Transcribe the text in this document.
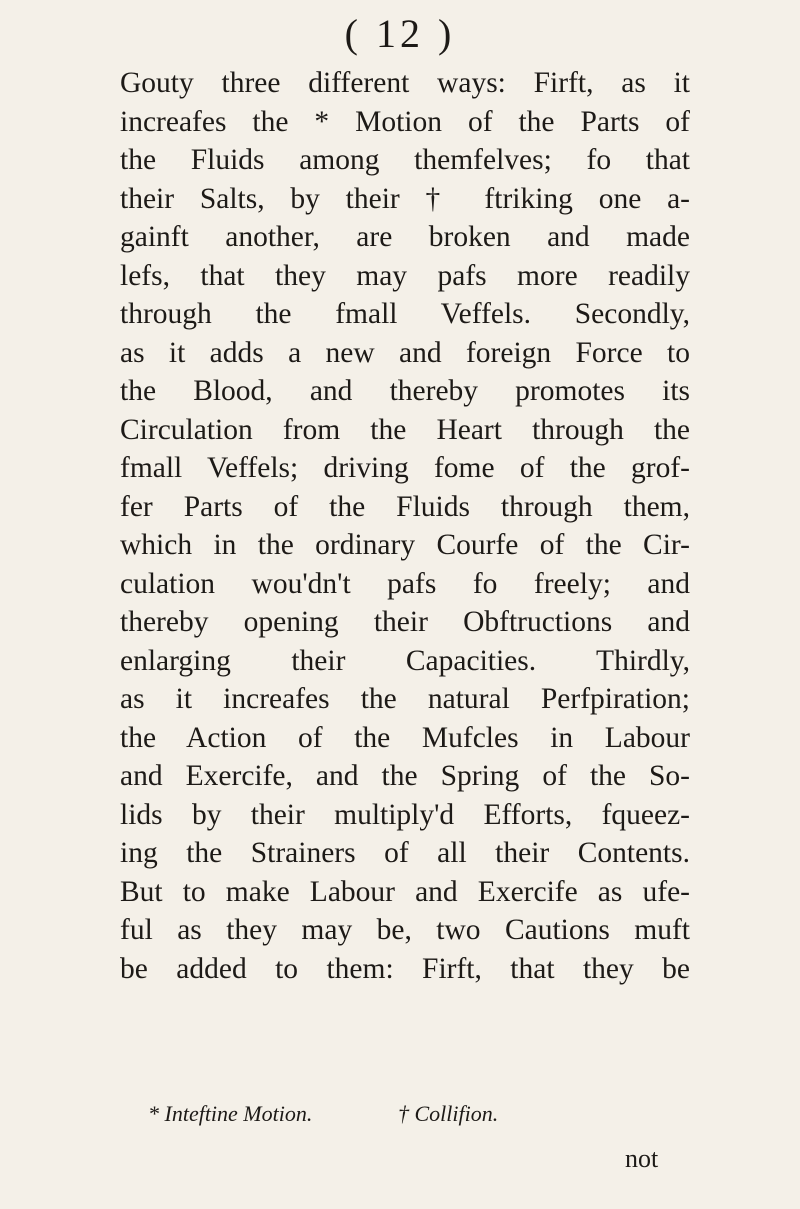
( 12 )
Gouty three different ways: Firft, as it
increafes the * Motion of the Parts of
the Fluids among themfelves; fo that
their Salts, by their † ftriking one a-
gainft another, are broken and made
lefs, that they may pafs more readily
through the fmall Veffels. Secondly,
as it adds a new and foreign Force to
the Blood, and thereby promotes its
Circulation from the Heart through the
fmall Veffels; driving fome of the grof-
fer Parts of the Fluids through them,
which in the ordinary Courfe of the Cir-
culation wou'dn't pafs fo freely; and
thereby opening their Obftructions and
enlarging their Capacities. Thirdly,
as it increafes the natural Perfpiration;
the Action of the Mufcles in Labour
and Exercife, and the Spring of the So-
lids by their multiply'd Efforts, fqueez-
ing the Strainers of all their Contents.
But to make Labour and Exercife as ufe-
ful as they may be, two Cautions muft
be added to them: Firft, that they be
* Inteftine Motion.	† Collifion.
not
